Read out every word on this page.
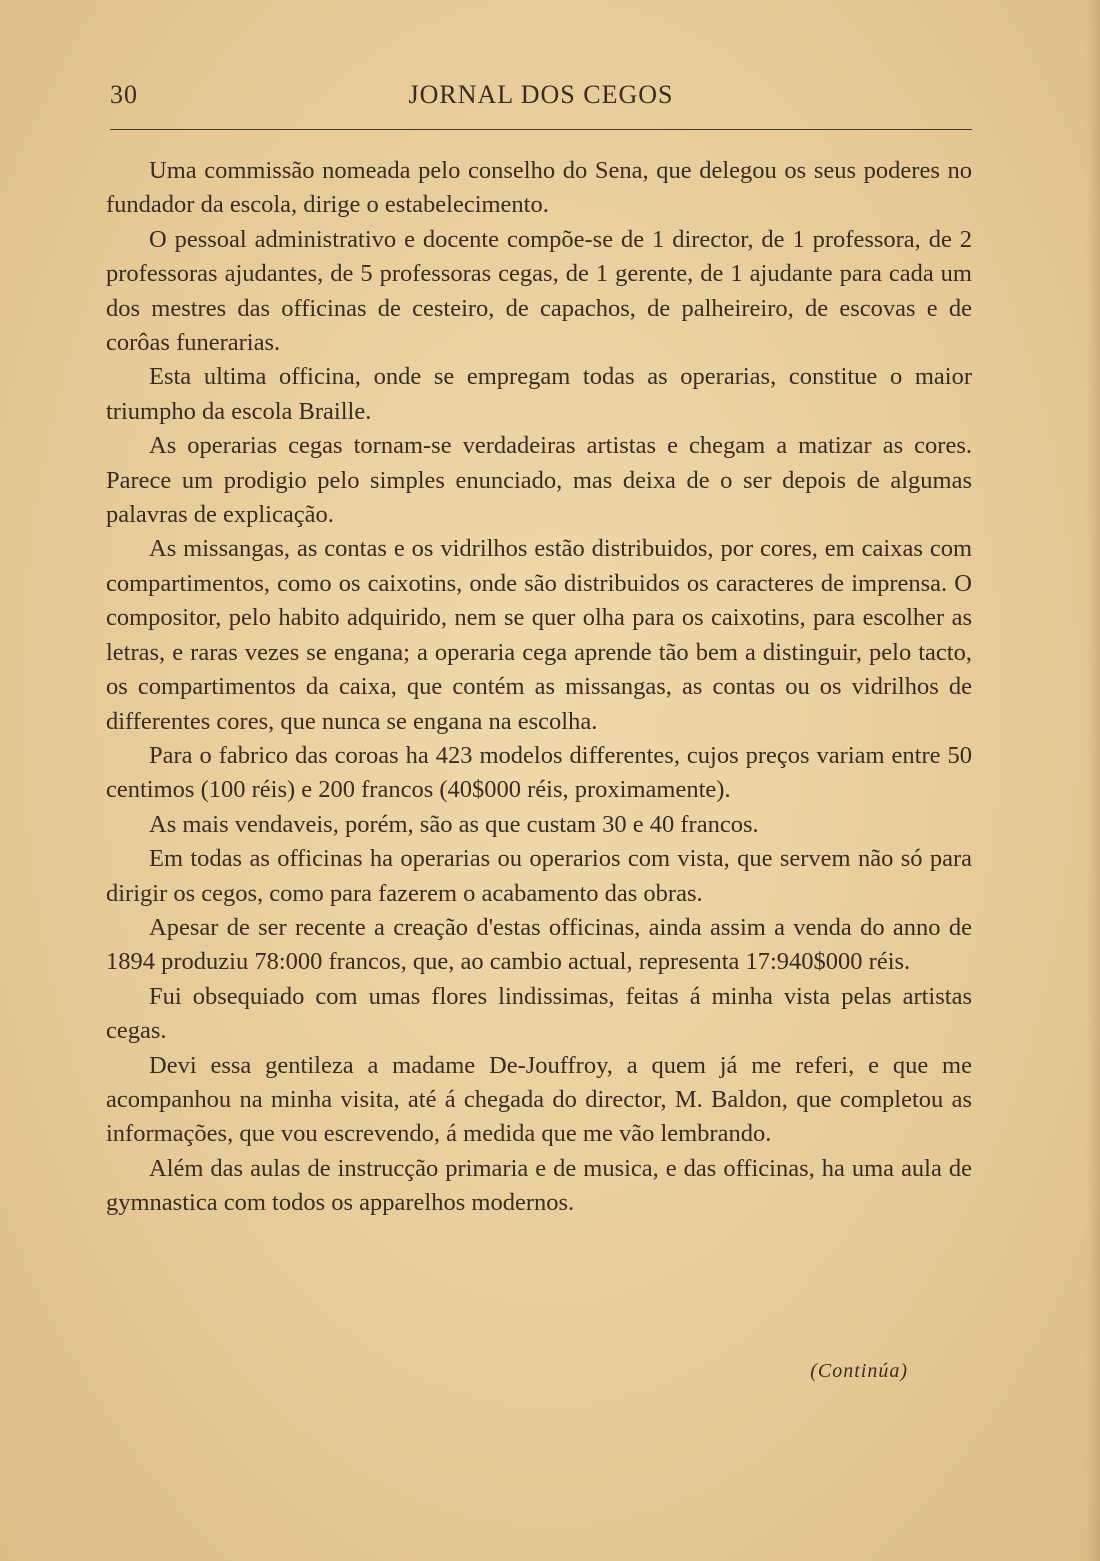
30	JORNAL DOS CEGOS

Uma commissão nomeada pelo conselho do Sena, que delegou os seus poderes no fundador da escola, dirige o estabelecimento.

O pessoal administrativo e docente compõe-se de 1 director, de 1 professora, de 2 professoras ajudantes, de 5 professoras cegas, de 1 gerente, de 1 ajudante para cada um dos mestres das officinas de cesteiro, de capachos, de palheireiro, de escovas e de corôas funerarias.

Esta ultima officina, onde se empregam todas as operarias, constitue o maior triumpho da escola Braille.

As operarias cegas tornam-se verdadeiras artistas e chegam a matizar as cores. Parece um prodigio pelo simples enunciado, mas deixa de o ser depois de algumas palavras de explicação.

As missangas, as contas e os vidrilhos estão distribuidos, por cores, em caixas com compartimentos, como os caixotins, onde são distribuidos os caracteres de imprensa. O compositor, pelo habito adquirido, nem se quer olha para os caixotins, para escolher as letras, e raras vezes se engana; a operaria cega aprende tão bem a distinguir, pelo tacto, os compartimentos da caixa, que contém as missangas, as contas ou os vidrilhos de differentes cores, que nunca se engana na escolha.

Para o fabrico das coroas ha 423 modelos differentes, cujos preços variam entre 50 centimos (100 réis) e 200 francos (40$000 réis, proximamente).

As mais vendaveis, porém, são as que custam 30 e 40 francos.

Em todas as officinas ha operarias ou operarios com vista, que servem não só para dirigir os cegos, como para fazerem o acabamento das obras.

Apesar de ser recente a creação d'estas officinas, ainda assim a venda do anno de 1894 produziu 78:000 francos, que, ao cambio actual, representa 17:940$000 réis.

Fui obsequiado com umas flores lindissimas, feitas á minha vista pelas artistas cegas.

Devi essa gentileza a madame De-Jouffroy, a quem já me referi, e que me acompanhou na minha visita, até á chegada do director, M. Baldon, que completou as informações, que vou escrevendo, á medida que me vão lembrando.

Além das aulas de instrucção primaria e de musica, e das officinas, ha uma aula de gymnastica com todos os apparelhos modernos.

(Continúa)
